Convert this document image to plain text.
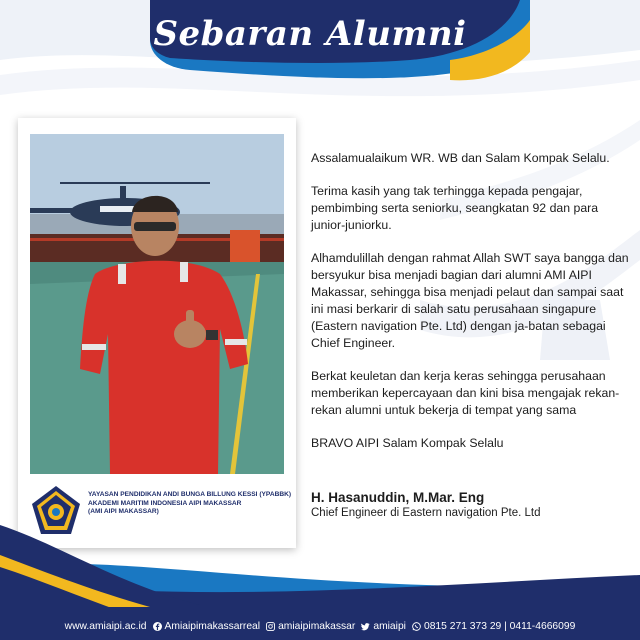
Sebaran Alumni
YAYASAN PENDIDIKAN ANDI BUNGA BILLUNG KESSI (YPABBK)
AKADEMI MARITIM INDONESIA AIPI MAKASSAR
(AMI AIPI MAKASSAR)

Assalamualaikum WR. WB dan Salam Kompak Selalu.

Terima kasih yang tak terhingga kepada pengajar, pembimbing serta seniorku, seangkatan 92 dan para junior-juniorku.

Alhamdulillah dengan rahmat Allah SWT saya bangga dan bersyukur bisa menjadi bagian dari alumni AMI AIPI Makassar, sehingga bisa menjadi pelaut dan sampai saat ini masi berkarir di salah satu perusahaan singapure (Eastern navigation Pte. Ltd) dengan ja-batan sebagai Chief Engineer.

Berkat keuletan dan kerja keras sehingga perusahaan memberikan kepercayaan dan kini bisa mengajak rekan-rekan alumni untuk bekerja di tempat yang sama

BRAVO AIPI Salam Kompak Selalu

H. Hasanuddin, M.Mar. Eng
Chief Engineer di Eastern navigation Pte. Ltd
www.amiaipi.ac.id Amiaipimakassarreal amiaipimakassar amiaipi 0815 271 373 29 | 0411-4666099
